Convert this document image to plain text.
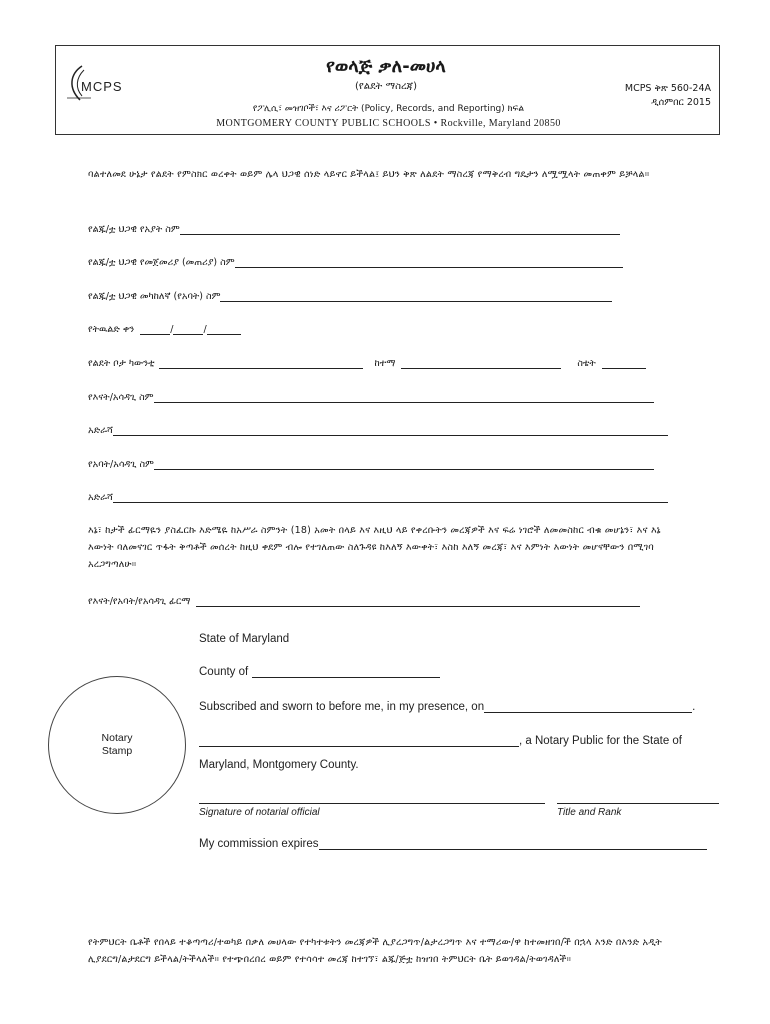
MCPS
የወላጅ ቃለ-መሀላ
(የልደት ማስረጃ)
የፖሊሲ፣ መዝገቦች፣ እና ሪፖርት (Policy, Records, and Reporting) ክፍል
MONTGOMERY COUNTY PUBLIC SCHOOLS • Rockville, Maryland 20850
MCPS ቅጽ 560-24A
ዲሰምበር 2015
ባልተለመደ ሁኔታ የልደት የምስክር ወረቀት ወይም ሌላ ህጋዊ ሰነድ ላይኖር ይችላል፤ ይህን ቅጽ ለልደት ማስረጃ የማቅረብ ግዴታን ለሟሟላት መጠቀም ይቻላል።
የልጁ/ቷ ህጋዊ የአያት ስም
የልጁ/ቷ ህጋዊ የመጀመሪያ (መጠሪያ) ስም
የልጁ/ቷ ህጋዊ መካከለኛ (የአባት) ስም
የትዉልድ ቀን	/	/
የልደት ቦታ ካውንቲ	ከተማ	ስቴት
የእናት/አሳዳጊ ስም
አድራሻ
የአባት/አሳዳጊ ስም
አድራሻ
እኔ፣ ከታች ፊርማዬን ያስፈርኩ እድሜዬ ከአሥራ ስምንት (18) አመት በላይ እና እዚህ ላይ የቀረቡትን መረጃዎች እና ፍሬ ነገሮች ለመመስከር ብቁ መሆኔን፣ እና እኔ እውነት ባለመናገር ጥፋት ቅጣቶች መሰረት ከዚህ ቀደም ብሎ የተገለጠው ስለጉዳዩ ከእለኝ እውቀት፣ እስከ እለኝ መረጃ፣ እና እምነት እውነት መሆናቸውን በሚገባ አረጋግጣለሁ።
የእናት/የአባት/የአሳዳጊ ፊርማ
Notary
Stamp
State of Maryland
County of
Subscribed and sworn to before me, in my presence, on	.
, a Notary Public for the State of
Maryland, Montgomery County.
Signature of notarial official	Title and Rank
My commission expires
የትምህርት ቤቶች የበላይ ተቆጣጣሪ/ተወካይ በቃለ መሀላው የተካተቱትን መረጃዎች ሊያረጋግጥ/ልታረጋግጥ እና ተማሪው/ዋ ከተመዘገበ/ች በኋላ እንድ በእንድ አዲት ሊያደርግ/ልታደርግ ይችላል/ትችላለች። የተጭበረበረ ወይም የተሳሳተ መረጃ ከተገኘ፣ ልጁ/ጅቷ ከዝገበ ትምህርት ቤት ይወገዳል/ትወገዳለች።
